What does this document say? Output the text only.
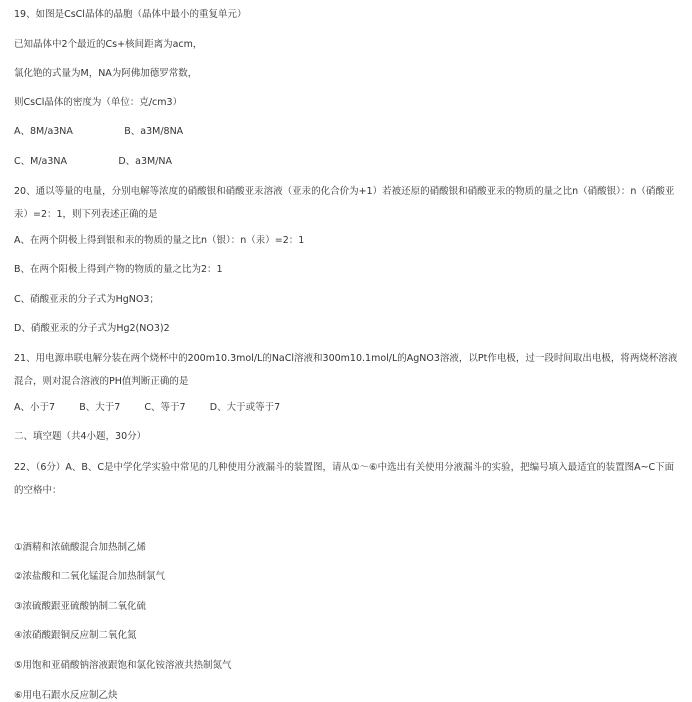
19、如图是CsCl晶体的晶胞（晶体中最小的重复单元）
已知晶体中2个最近的Cs+核间距离为acm，
氯化铯的式量为M，NA为阿佛加德罗常数，
则CsCl晶体的密度为（单位：克/cm3）
A、8M/a3NA                 B、a3M/8NA
C、M/a3NA                 D、a3M/NA
20、通以等量的电量，分别电解等浓度的硝酸银和硝酸亚汞溶液（亚汞的化合价为+1）若被还原的硝酸银和硝酸亚汞的物质的量之比n（硝酸银）：n（硝酸亚汞）=2：1，则下列表述正确的是
A、在两个阴极上得到银和汞的物质的量之比n（银）：n（汞）=2：1
B、在两个阳极上得到产物的物质的量之比为2：1
C、硝酸亚汞的分子式为HgNO3；
D、硝酸亚汞的分子式为Hg2(NO3)2
21、用电源串联电解分装在两个烧杯中的200m10.3mol/L的NaCl溶液和300m10.1mol/L的AgNO3溶液，以Pt作电极，过一段时间取出电极，将两烧杯溶液混合，则对混合溶液的PH值判断正确的是
A、小于7        B、大于7        C、等于7        D、大于或等于7
二、填空题（共4小题，30分）
22、（6分）A、B、C是中学化学实验中常见的几种使用分液漏斗的装置图，请从①～⑥中选出有关使用分液漏斗的实验，把编号填入最适宜的装置图A~C下面的空格中：
①酒精和浓硫酸混合加热制乙烯
②浓盐酸和二氧化锰混合加热制氯气
③浓硫酸跟亚硫酸钠制二氧化硫
④浓硝酸跟铜反应制二氧化氮
⑤用饱和亚硝酸钠溶液跟饱和氯化铵溶液共热制氮气
⑥用电石跟水反应制乙炔
